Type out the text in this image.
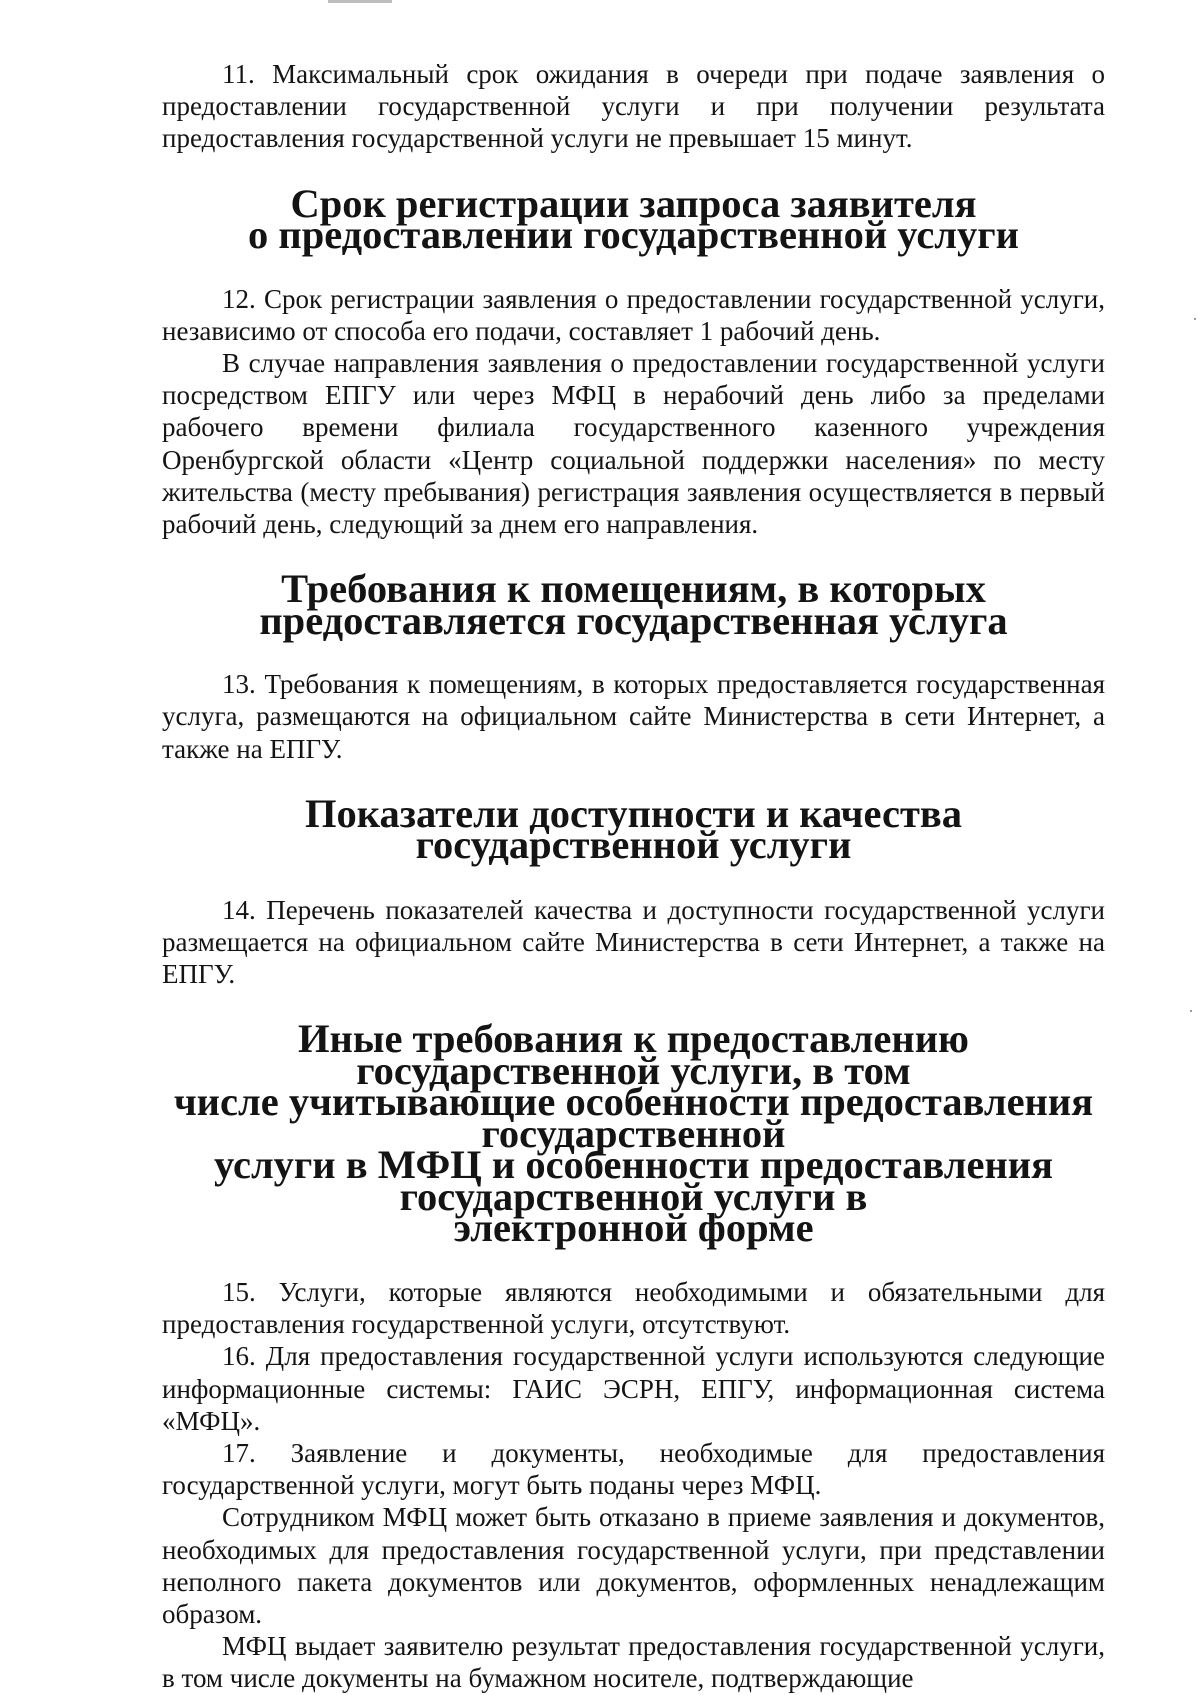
11. Максимальный срок ожидания в очереди при подаче заявления о предоставлении государственной услуги и при получении результата предоставления государственной услуги не превышает 15 минут.

Срок регистрации запроса заявителя
о предоставлении государственной услуги

12. Срок регистрации заявления о предоставлении государственной услуги, независимо от способа его подачи, составляет 1 рабочий день.

В случае направления заявления о предоставлении государственной услуги посредством ЕПГУ или через МФЦ в нерабочий день либо за пределами рабочего времени филиала государственного казенного учреждения Оренбургской области «Центр социальной поддержки населения» по месту жительства (месту пребывания) регистрация заявления осуществляется в первый рабочий день, следующий за днем его направления.

Требования к помещениям, в которых предоставляется государственная услуга

13. Требования к помещениям, в которых предоставляется государственная услуга, размещаются на официальном сайте Министерства в сети Интернет, а также на ЕПГУ.

Показатели доступности и качества государственной услуги

14. Перечень показателей качества и доступности государственной услуги размещается на официальном сайте Министерства в сети Интернет, а также на ЕПГУ.

Иные требования к предоставлению государственной услуги, в том
числе учитывающие особенности предоставления государственной
услуги в МФЦ и особенности предоставления государственной услуги в
электронной форме

15. Услуги, которые являются необходимыми и обязательными для предоставления государственной услуги, отсутствуют.

16. Для предоставления государственной услуги используются следующие информационные системы: ГАИС ЭСРН, ЕПГУ, информационная система «МФЦ».

17. Заявление и документы, необходимые для предоставления государственной услуги, могут быть поданы через МФЦ.

Сотрудником МФЦ может быть отказано в приеме заявления и документов, необходимых для предоставления государственной услуги, при представлении неполного пакета документов или документов, оформленных ненадлежащим образом.

МФЦ выдает заявителю результат предоставления государственной услуги, в том числе документы на бумажном носителе, подтверждающие
